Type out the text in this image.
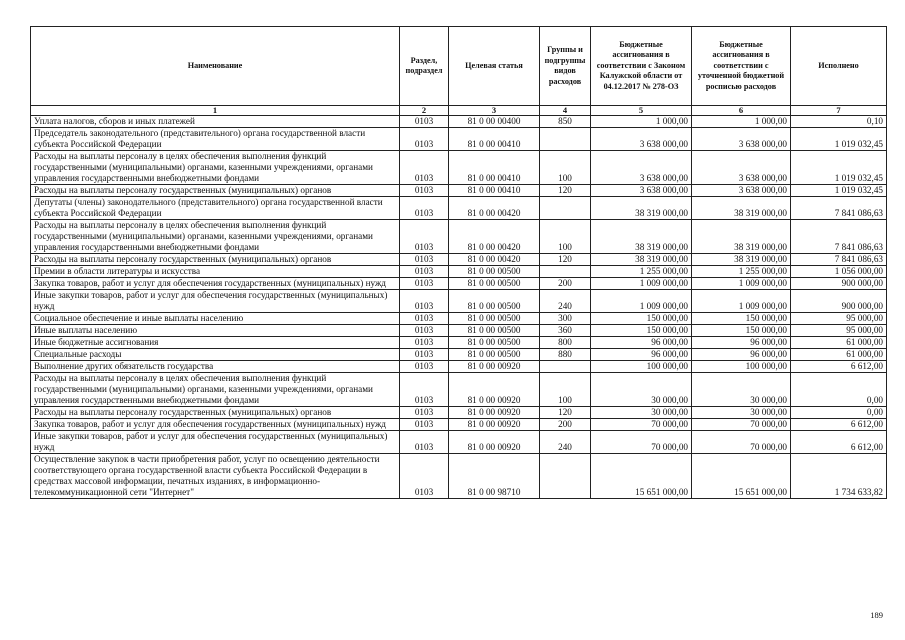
Наименование	Раздел, подраздел	Целевая статья	Группы и подгруппы видов расходов	Бюджетные ассигнования в соответствии с Законом Калужской области от 04.12.2017 № 278-ОЗ	Бюджетные ассигнования в соответствии с уточненной бюджетной росписью расходов	Исполнено
1	2	3	4	5	6	7
Уплата налогов, сборов и иных платежей	0103	81 0 00 00400	850	1 000,00	1 000,00	0,10
Председатель законодательного (представительного) органа государственной власти субъекта Российской Федерации	0103	81 0 00 00410		3 638 000,00	3 638 000,00	1 019 032,45
Расходы на выплаты персоналу в целях обеспечения выполнения функций государственными (муниципальными) органами, казенными учреждениями, органами управления государственными внебюджетными фондами	0103	81 0 00 00410	100	3 638 000,00	3 638 000,00	1 019 032,45
Расходы на выплаты персоналу государственных (муниципальных) органов	0103	81 0 00 00410	120	3 638 000,00	3 638 000,00	1 019 032,45
Депутаты (члены) законодательного (представительного) органа государственной власти субъекта Российской Федерации	0103	81 0 00 00420		38 319 000,00	38 319 000,00	7 841 086,63
Расходы на выплаты персоналу в целях обеспечения выполнения функций государственными (муниципальными) органами, казенными учреждениями, органами управления государственными внебюджетными фондами	0103	81 0 00 00420	100	38 319 000,00	38 319 000,00	7 841 086,63
Расходы на выплаты персоналу государственных (муниципальных) органов	0103	81 0 00 00420	120	38 319 000,00	38 319 000,00	7 841 086,63
Премии в области литературы и искусства	0103	81 0 00 00500		1 255 000,00	1 255 000,00	1 056 000,00
Закупка товаров, работ и услуг для обеспечения государственных (муниципальных) нужд	0103	81 0 00 00500	200	1 009 000,00	1 009 000,00	900 000,00
Иные закупки товаров, работ и услуг для обеспечения государственных (муниципальных) нужд	0103	81 0 00 00500	240	1 009 000,00	1 009 000,00	900 000,00
Социальное обеспечение и иные выплаты населению	0103	81 0 00 00500	300	150 000,00	150 000,00	95 000,00
Иные выплаты населению	0103	81 0 00 00500	360	150 000,00	150 000,00	95 000,00
Иные бюджетные ассигнования	0103	81 0 00 00500	800	96 000,00	96 000,00	61 000,00
Специальные расходы	0103	81 0 00 00500	880	96 000,00	96 000,00	61 000,00
Выполнение других обязательств государства	0103	81 0 00 00920		100 000,00	100 000,00	6 612,00
Расходы на выплаты персоналу в целях обеспечения выполнения функций государственными (муниципальными) органами, казенными учреждениями, органами управления государственными внебюджетными фондами	0103	81 0 00 00920	100	30 000,00	30 000,00	0,00
Расходы на выплаты персоналу государственных (муниципальных) органов	0103	81 0 00 00920	120	30 000,00	30 000,00	0,00
Закупка товаров, работ и услуг для обеспечения государственных (муниципальных) нужд	0103	81 0 00 00920	200	70 000,00	70 000,00	6 612,00
Иные закупки товаров, работ и услуг для обеспечения государственных (муниципальных) нужд	0103	81 0 00 00920	240	70 000,00	70 000,00	6 612,00
Осуществление закупок в части приобретения работ, услуг по освещению деятельности соответствующего органа государственной власти субъекта Российской Федерации в средствах массовой информации, печатных изданиях, в информационно-телекоммуникационной сети "Интернет"	0103	81 0 00 98710		15 651 000,00	15 651 000,00	1 734 633,82
189
